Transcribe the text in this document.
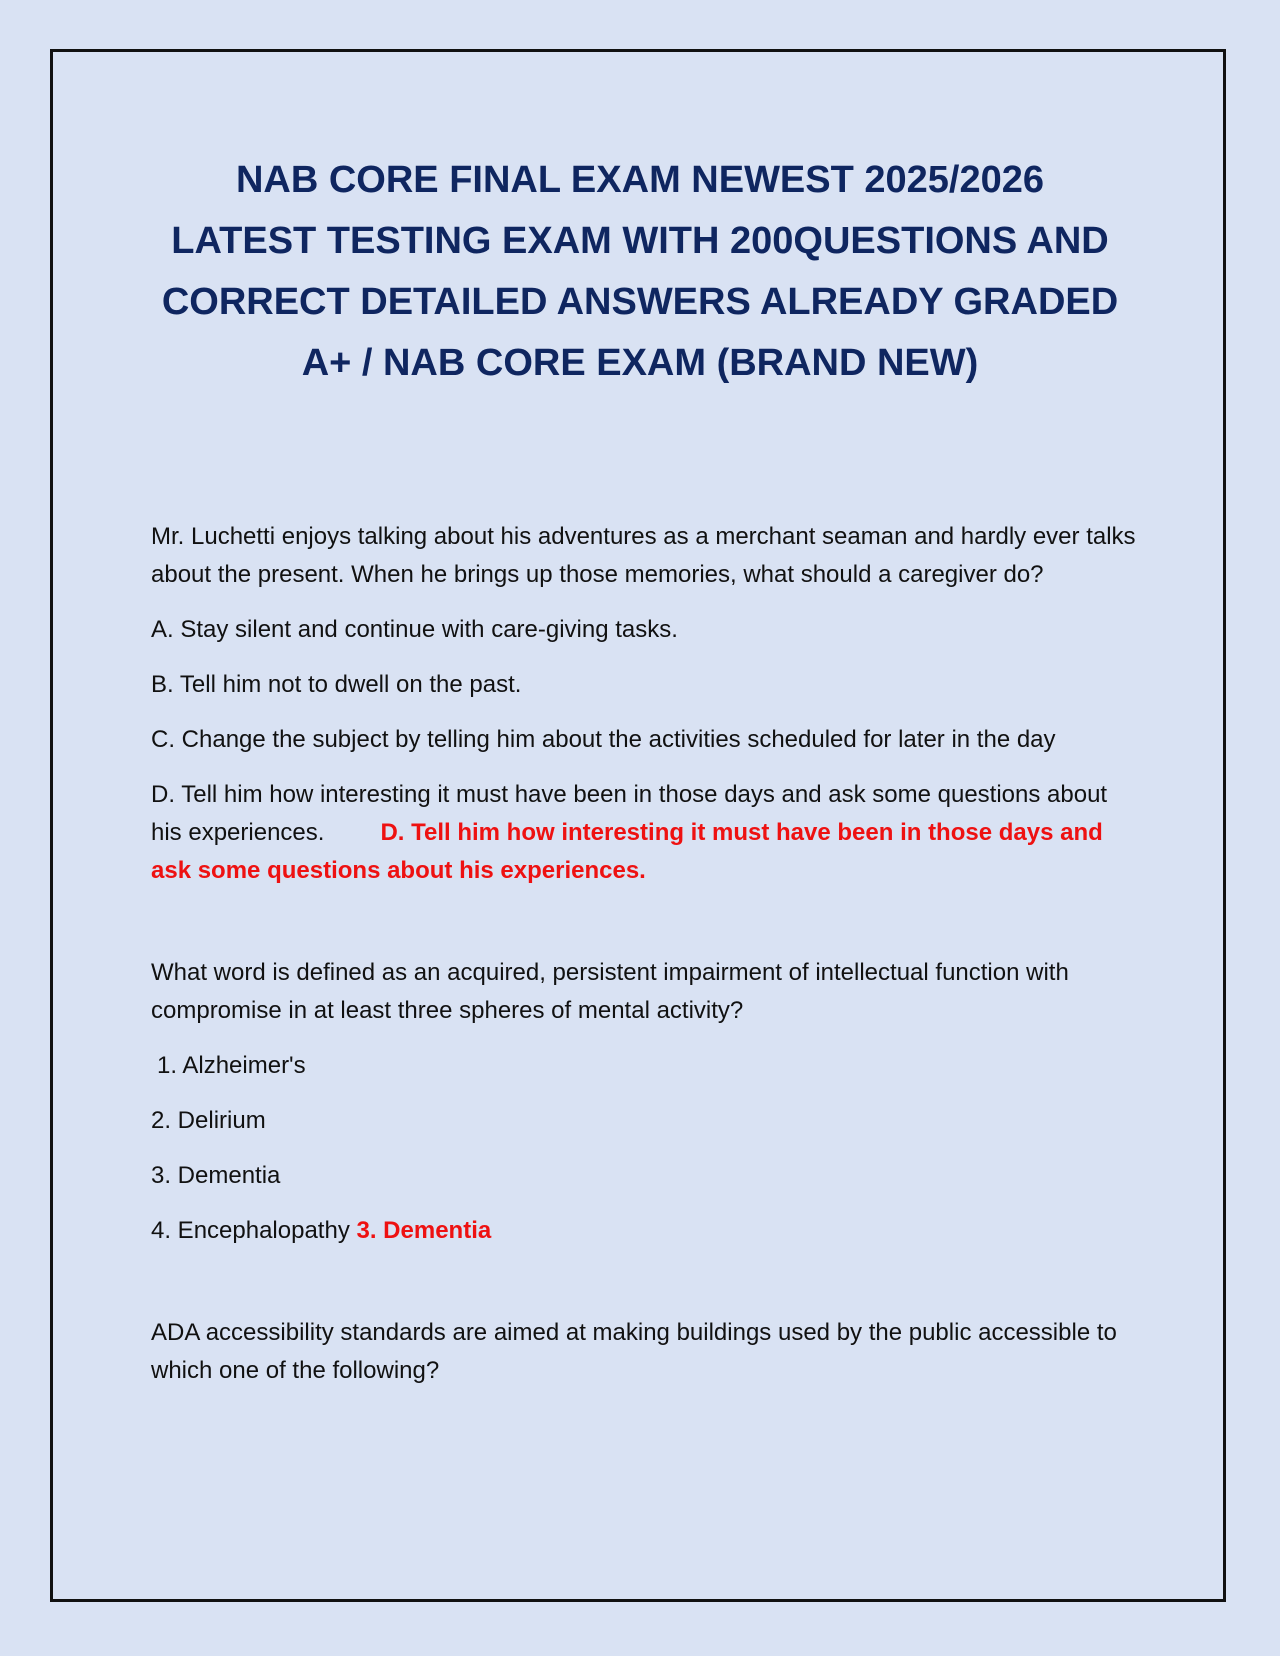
NAB CORE FINAL EXAM NEWEST 2025/2026
LATEST TESTING EXAM WITH 200QUESTIONS AND
CORRECT DETAILED ANSWERS ALREADY GRADED
A+ / NAB CORE EXAM (BRAND NEW)

Mr. Luchetti enjoys talking about his adventures as a merchant seaman and hardly ever talks about the present. When he brings up those memories, what should a caregiver do?

A. Stay silent and continue with care-giving tasks.

B. Tell him not to dwell on the past.

C. Change the subject by telling him about the activities scheduled for later in the day

D. Tell him how interesting it must have been in those days and ask some questions about his experiences. D. Tell him how interesting it must have been in those days and ask some questions about his experiences.

What word is defined as an acquired, persistent impairment of intellectual function with compromise in at least three spheres of mental activity?

1. Alzheimer's

2. Delirium

3. Dementia

4. Encephalopathy 3. Dementia

ADA accessibility standards are aimed at making buildings used by the public accessible to which one of the following?
